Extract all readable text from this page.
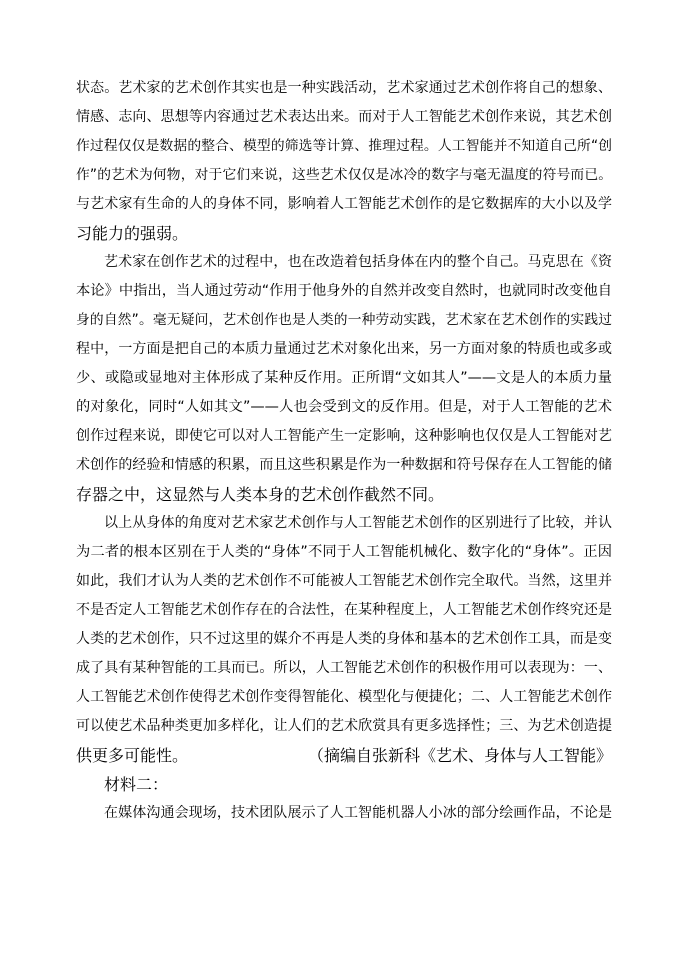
状态。艺术家的艺术创作其实也是一种实践活动，艺术家通过艺术创作将自己的想象、
情感、志向、思想等内容通过艺术表达出来。而对于人工智能艺术创作来说，其艺术创
作过程仅仅是数据的整合、模型的筛选等计算、推理过程。人工智能并不知道自己所“创
作”的艺术为何物，对于它们来说，这些艺术仅仅是冰冷的数字与毫无温度的符号而已。
与艺术家有生命的人的身体不同，影响着人工智能艺术创作的是它数据库的大小以及学
习能力的强弱。
艺术家在创作艺术的过程中，也在改造着包括身体在内的整个自己。马克思在《资
本论》中指出，当人通过劳动“作用于他身外的自然并改变自然时，也就同时改变他自
身的自然”。毫无疑问，艺术创作也是人类的一种劳动实践，艺术家在艺术创作的实践过
程中，一方面是把自己的本质力量通过艺术对象化出来，另一方面对象的特质也或多或
少、或隐或显地对主体形成了某种反作用。正所谓“文如其人”——文是人的本质力量
的对象化，同时“人如其文”——人也会受到文的反作用。但是，对于人工智能的艺术
创作过程来说，即使它可以对人工智能产生一定影响，这种影响也仅仅是人工智能对艺
术创作的经验和情感的积累，而且这些积累是作为一种数据和符号保存在人工智能的储
存器之中，这显然与人类本身的艺术创作截然不同。
以上从身体的角度对艺术家艺术创作与人工智能艺术创作的区别进行了比较，并认
为二者的根本区别在于人类的“身体”不同于人工智能机械化、数字化的“身体”。正因
如此，我们才认为人类的艺术创作不可能被人工智能艺术创作完全取代。当然，这里并
不是否定人工智能艺术创作存在的合法性，在某种程度上，人工智能艺术创作终究还是
人类的艺术创作，只不过这里的媒介不再是人类的身体和基本的艺术创作工具，而是变
成了具有某种智能的工具而已。所以，人工智能艺术创作的积极作用可以表现为：一、
人工智能艺术创作使得艺术创作变得智能化、模型化与便捷化；二、人工智能艺术创作
可以使艺术品种类更加多样化，让人们的艺术欣赏具有更多选择性；三、为艺术创造提
供更多可能性。	（摘编自张新科《艺术、身体与人工智能》
材料二：
在媒体沟通会现场，技术团队展示了人工智能机器人小冰的部分绘画作品，不论是
